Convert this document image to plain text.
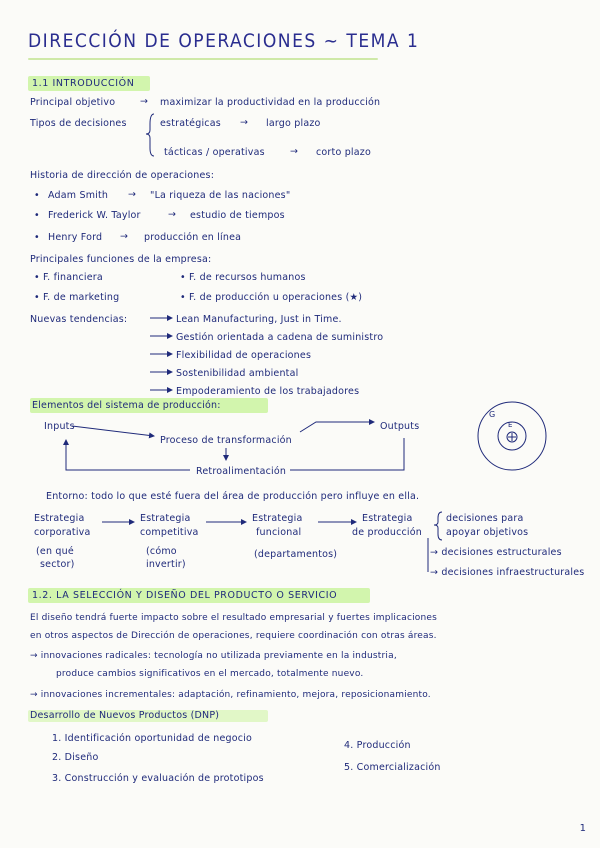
DIRECCIÓN DE OPERACIONES ~ TEMA 1
1.1 INTRODUCCIÓN
Principal objetivo	→ maximizar la productividad en la producción
Tipos de decisiones	estratégicas → largo plazo
tácticas / operativas	→ corto plazo
Historia de dirección de operaciones:
• Adam Smith → "La riqueza de las naciones"
• Frederick W. Taylor	→ estudio de tiempos
• Henry Ford → producción en línea
Principales funciones de la empresa:
• F. financiera	• F. de recursos humanos
• F. de marketing	• F. de producción u operaciones (★)
Nuevas tendencias:	Lean Manufacturing, Just in Time.
Gestión orientada a cadena de suministro
Flexibilidad de operaciones
Sostenibilidad ambiental
Empoderamiento de los trabajadores
Elementos del sistema de producción:
Inputs
Proceso de transformación
Outputs
Retroalimentación
G
E
Entorno: todo lo que esté fuera del área de producción pero influye en ella.
Estrategia
corporativa
(en qué
sector)
Estrategia
competitiva
(cómo
invertir)
Estrategia
funcional
(departamentos)
Estrategia
de producción
decisiones para
apoyar objetivos
→ decisiones estructurales
→ decisiones infraestructurales
1.2. LA SELECCIÓN Y DISEÑO DEL PRODUCTO O SERVICIO
El diseño tendrá fuerte impacto sobre el resultado empresarial y fuertes implicaciones
en otros aspectos de Dirección de operaciones, requiere coordinación con otras áreas.
→ innovaciones radicales: tecnología no utilizada previamente en la industria,
produce cambios significativos en el mercado, totalmente nuevo.
→ innovaciones incrementales: adaptación, refinamiento, mejora, reposicionamiento.
Desarrollo de Nuevos Productos (DNP)
1. Identificación oportunidad de negocio
2. Diseño
3. Construcción y evaluación de prototipos
4. Producción
5. Comercialización
1
